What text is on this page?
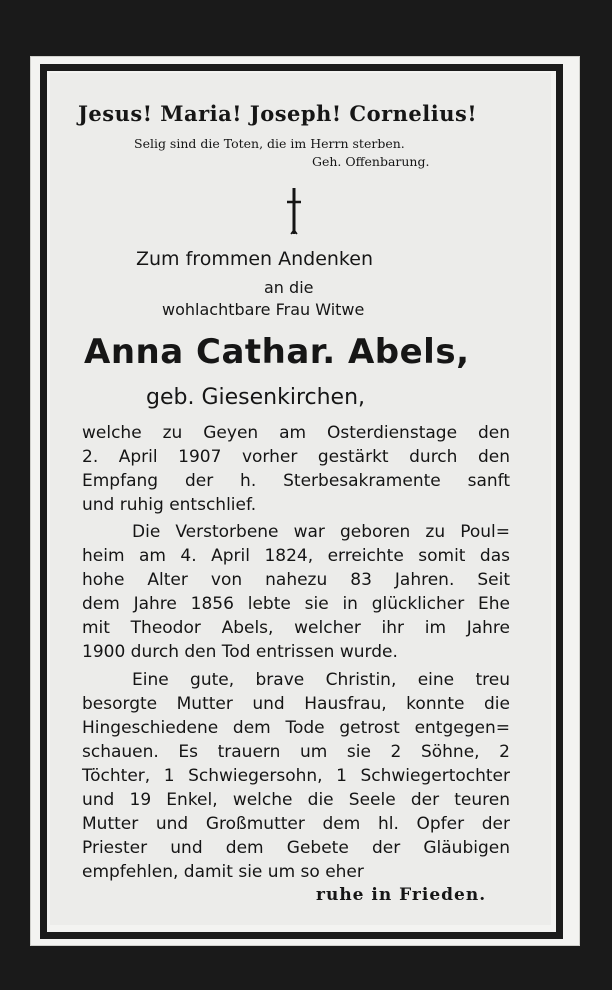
Jesus! Maria! Joseph! Cornelius!
Selig sind die Toten, die im Herrn sterben.
Geh. Offenbarung.
Zum frommen Andenken
an die
wohlachtbare Frau Witwe
Anna Cathar. Abels,
geb. Giesenkirchen,
welche zu Geyen am Osterdienstage den
2. April 1907 vorher gestärkt durch den
Empfang der h. Sterbesakramente sanft
und ruhig entschlief.
Die Verstorbene war geboren zu Poul=
heim am 4. April 1824, erreichte somit das
hohe Alter von nahezu 83 Jahren. Seit
dem Jahre 1856 lebte sie in glücklicher Ehe
mit Theodor Abels, welcher ihr im Jahre
1900 durch den Tod entrissen wurde.
Eine gute, brave Christin, eine treu
besorgte Mutter und Hausfrau, konnte die
Hingeschiedene dem Tode getrost entgegen=
schauen. Es trauern um sie 2 Söhne, 2
Töchter, 1 Schwiegersohn, 1 Schwiegertochter
und 19 Enkel, welche die Seele der teuren
Mutter und Großmutter dem hl. Opfer der
Priester und dem Gebete der Gläubigen
empfehlen, damit sie um so eher
ruhe in Frieden.
